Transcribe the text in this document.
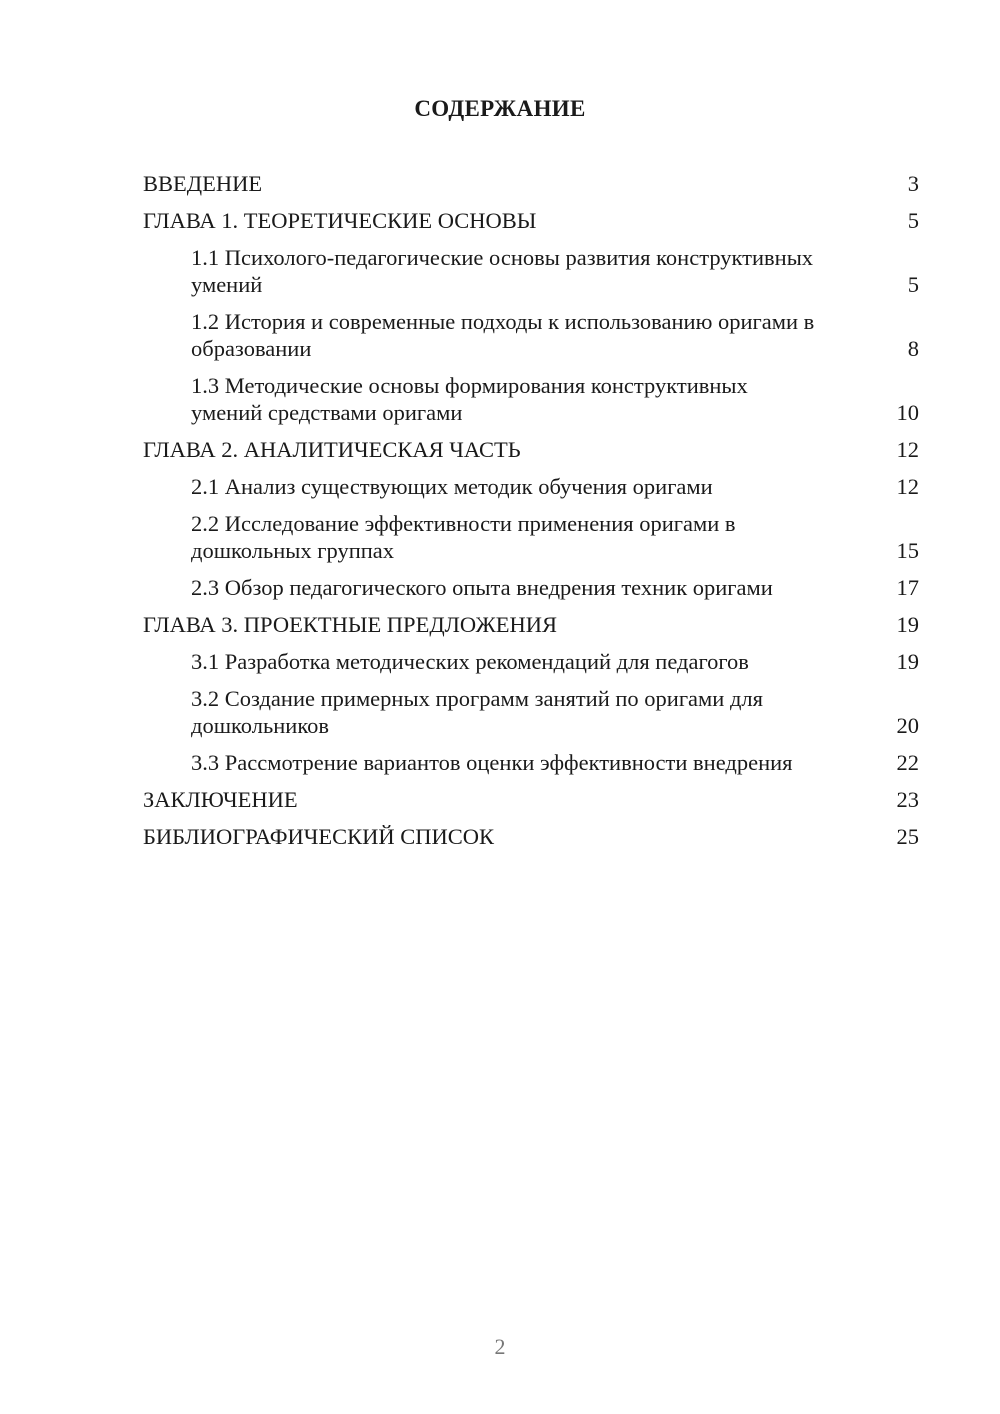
СОДЕРЖАНИЕ
ВВЕДЕНИЕ	3
ГЛАВА 1. ТЕОРЕТИЧЕСКИЕ ОСНОВЫ	5
1.1 Психолого-педагогические основы развития конструктивных умений	5
1.2 История и современные подходы к использованию оригами в образовании	8
1.3 Методические основы формирования конструктивных умений средствами оригами	10
ГЛАВА 2. АНАЛИТИЧЕСКАЯ ЧАСТЬ	12
2.1 Анализ существующих методик обучения оригами	12
2.2 Исследование эффективности применения оригами в дошкольных группах	15
2.3 Обзор педагогического опыта внедрения техник оригами	17
ГЛАВА 3. ПРОЕКТНЫЕ ПРЕДЛОЖЕНИЯ	19
3.1 Разработка методических рекомендаций для педагогов	19
3.2 Создание примерных программ занятий по оригами для дошкольников	20
3.3 Рассмотрение вариантов оценки эффективности внедрения	22
ЗАКЛЮЧЕНИЕ	23
БИБЛИОГРАФИЧЕСКИЙ СПИСОК	25
2
